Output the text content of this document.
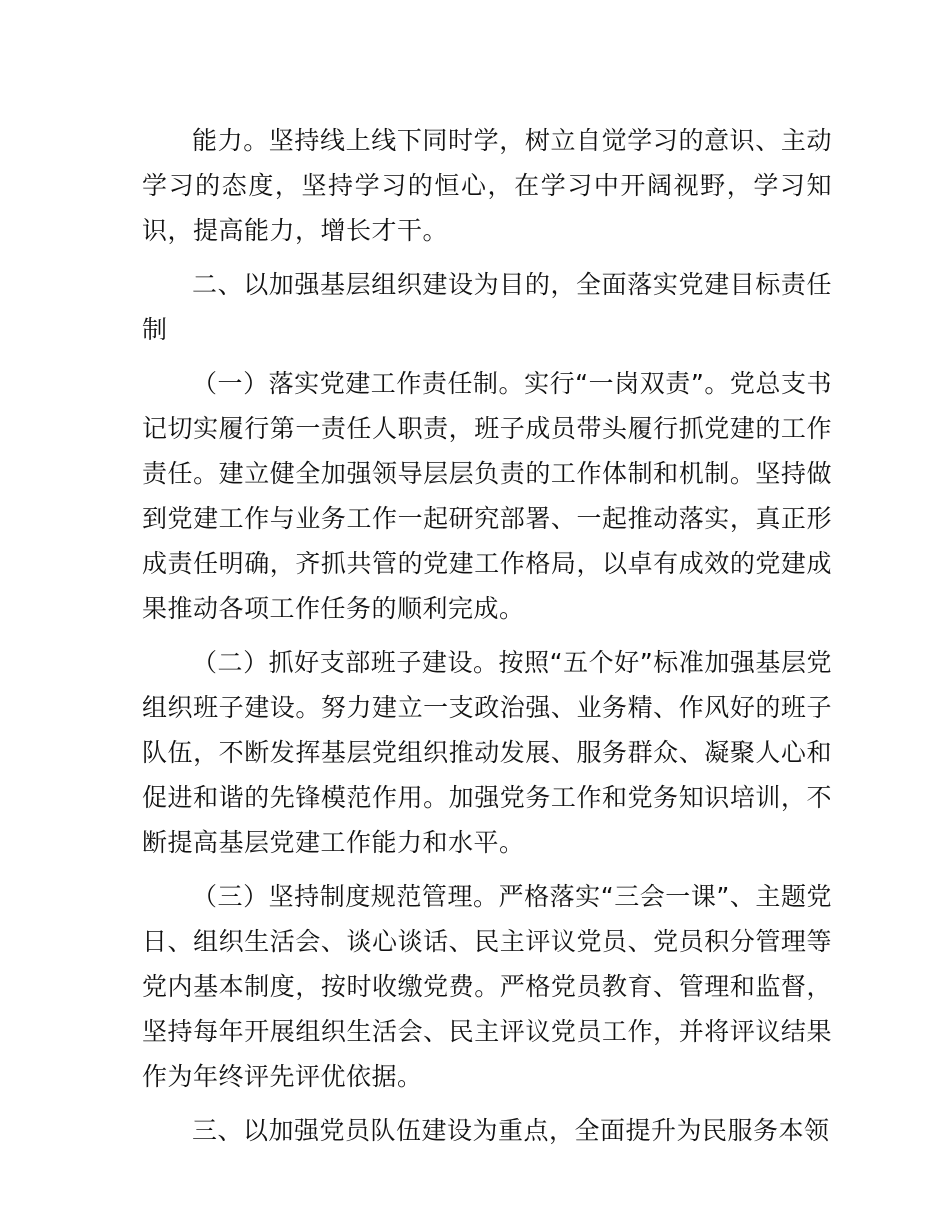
能力。坚持线上线下同时学，树立自觉学习的意识、主动学习的态度，坚持学习的恒心，在学习中开阔视野，学习知识，提高能力，增长才干。

二、以加强基层组织建设为目的，全面落实党建目标责任制

（一）落实党建工作责任制。实行“一岗双责”。党总支书记切实履行第一责任人职责，班子成员带头履行抓党建的工作责任。建立健全加强领导层层负责的工作体制和机制。坚持做到党建工作与业务工作一起研究部署、一起推动落实，真正形成责任明确，齐抓共管的党建工作格局，以卓有成效的党建成果推动各项工作任务的顺利完成。

（二）抓好支部班子建设。按照“五个好”标准加强基层党组织班子建设。努力建立一支政治强、业务精、作风好的班子队伍，不断发挥基层党组织推动发展、服务群众、凝聚人心和促进和谐的先锋模范作用。加强党务工作和党务知识培训，不断提高基层党建工作能力和水平。

（三）坚持制度规范管理。严格落实“三会一课”、主题党日、组织生活会、谈心谈话、民主评议党员、党员积分管理等党内基本制度，按时收缴党费。严格党员教育、管理和监督，坚持每年开展组织生活会、民主评议党员工作，并将评议结果作为年终评先评优依据。

三、以加强党员队伍建设为重点，全面提升为民服务本领
